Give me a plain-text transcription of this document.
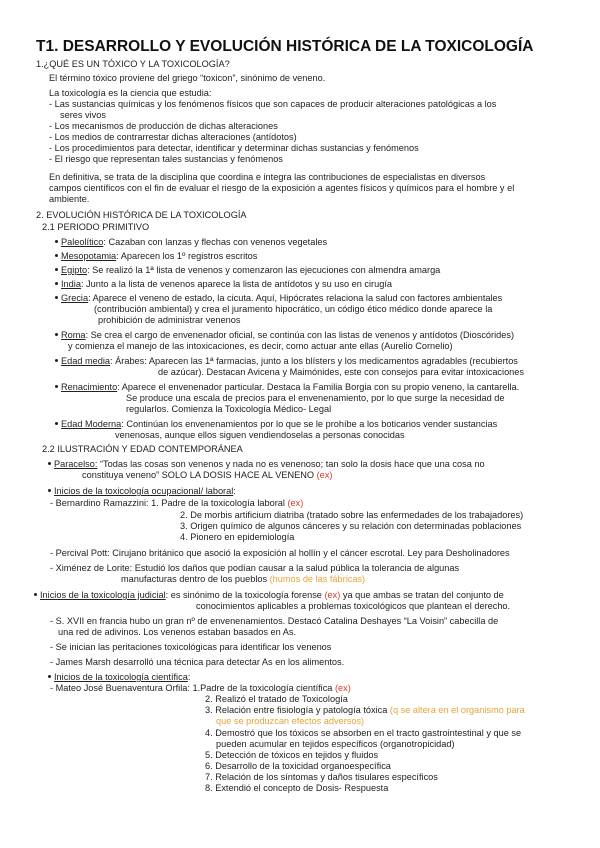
T1. DESARROLLO Y EVOLUCIÓN HISTÓRICA DE LA TOXICOLOGÍA
1.¿QUÉ ES UN TÓXICO Y LA TOXICOLOGÍA?
El término tóxico proviene del griego “toxicon”, sinónimo de veneno.
La toxicología es la ciencia que estudia:
- Las sustancias químicas y los fenómenos físicos que son capaces de producir alteraciones patológicas a los
seres vivos
- Los mecanismos de producción de dichas alteraciones
- Los medios de contrarrestar dichas alteraciones (antídotos)
- Los procedimientos para detectar, identificar y determinar dichas sustancias y fenómenos
- El riesgo que representan tales sustancias y fenómenos
En definitiva, se trata de la disciplina que coordina e integra las contribuciones de especialistas en diversos
campos científicos con el fin de evaluar el riesgo de la exposición a agentes físicos y químicos para el hombre y el
ambiente.
2. EVOLUCIÓN HISTÓRICA DE LA TOXICOLOGÍA
2.1 PERIODO PRIMITIVO
Paleolítico: Cazaban con lanzas y flechas con venenos vegetales
Mesopotamia: Aparecen los 1º registros escritos
Egipto: Se realizó la 1ª lista de venenos y comenzaron las ejecuciones con almendra amarga
India: Junto a la lista de venenos aparece la lista de antídotos y su uso en cirugía
Grecia: Aparece el veneno de estado, la cicuta. Aquí, Hipócrates relaciona la salud con factores ambientales
(contribución ambiental) y crea el juramento hipocrático, un código ético médico donde aparece la
prohibición de administrar venenos
Roma: Se crea el cargo de envenenador oficial, se continúa con las listas de venenos y antídotos (Dioscórides)
y comienza el manejo de las intoxicaciones, es decir, como actuar ante ellas (Aurelio Cornelio)
Edad media: Árabes: Aparecen las 1ª farmacias, junto a los blísters y los medicamentos agradables (recubiertos
de azúcar). Destacan Avicena y Maimónides, este con consejos para evitar intoxicaciones
Renacimiento: Aparece el envenenador particular. Destaca la Familia Borgia con su propio veneno, la cantarella.
Se produce una escala de precios para el envenenamiento, por lo que surge la necesidad de
regularlos. Comienza la Toxicología Médico- Legal
Edad Moderna: Continúan los envenenamientos por lo que se le prohíbe a los boticarios vender sustancias
venenosas, aunque ellos siguen vendiendoselas a personas conocidas
2.2 ILUSTRACIÓN Y EDAD CONTEMPORÁNEA
Paracelso: “Todas las cosas son venenos y nada no es venenoso; tan solo la dosis hace que una cosa no
constituya veneno” SOLO LA DOSIS HACE AL VENENO (ex)
Inicios de la toxicología ocupacional/ laboral:
- Bernardino Ramazzini: 1. Padre de la toxicología laboral (ex)
2. De morbis artificium diatriba (tratado sobre las enfermedades de los trabajadores)
3. Origen químico de algunos cánceres y su relación con determinadas poblaciones
4. Pionero en epidemiología
- Percival Pott: Cirujano británico que asoció la exposición al hollín y el cáncer escrotal. Ley para Desholinadores
- Ximénez de Lorite: Estudió los daños que podían causar a la salud pública la tolerancia de algunas
manufacturas dentro de los pueblos (humos de las fábricas)
Inicios de la toxicología judicial: es sinónimo de la toxicología forense (ex) ya que ambas se tratan del conjunto de
conocimientos aplicables a problemas toxicológicos que plantean el derecho.
- S. XVII en francia hubo un gran nº de envenenamientos. Destacó Catalina Deshayes “La Voisin” cabecilla de
una red de adivinos. Los venenos estaban basados en As.
- Se inician las peritaciones toxicológicas para identificar los venenos
- James Marsh desarrolló una técnica para detectar As en los alimentos.
Inicios de la toxicología científica:
- Mateo José Buenaventura Orfila: 1.Padre de la toxicología científica (ex)
2. Realizó el tratado de Toxicología
3. Relación entre fisiología y patología tóxica (q se altera en el organismo para
que se produzcan efectos adversos)
4. Demostró que los tóxicos se absorben en el tracto gastrointestinal y que se
pueden acumular en tejidos específicos (organotropicidad)
5. Detección de tóxicos en tejidos y fluidos
6. Desarrollo de la toxicidad organoespecífica
7. Relación de los síntomas y daños tisulares específicos
8. Extendió el concepto de Dosis- Respuesta
